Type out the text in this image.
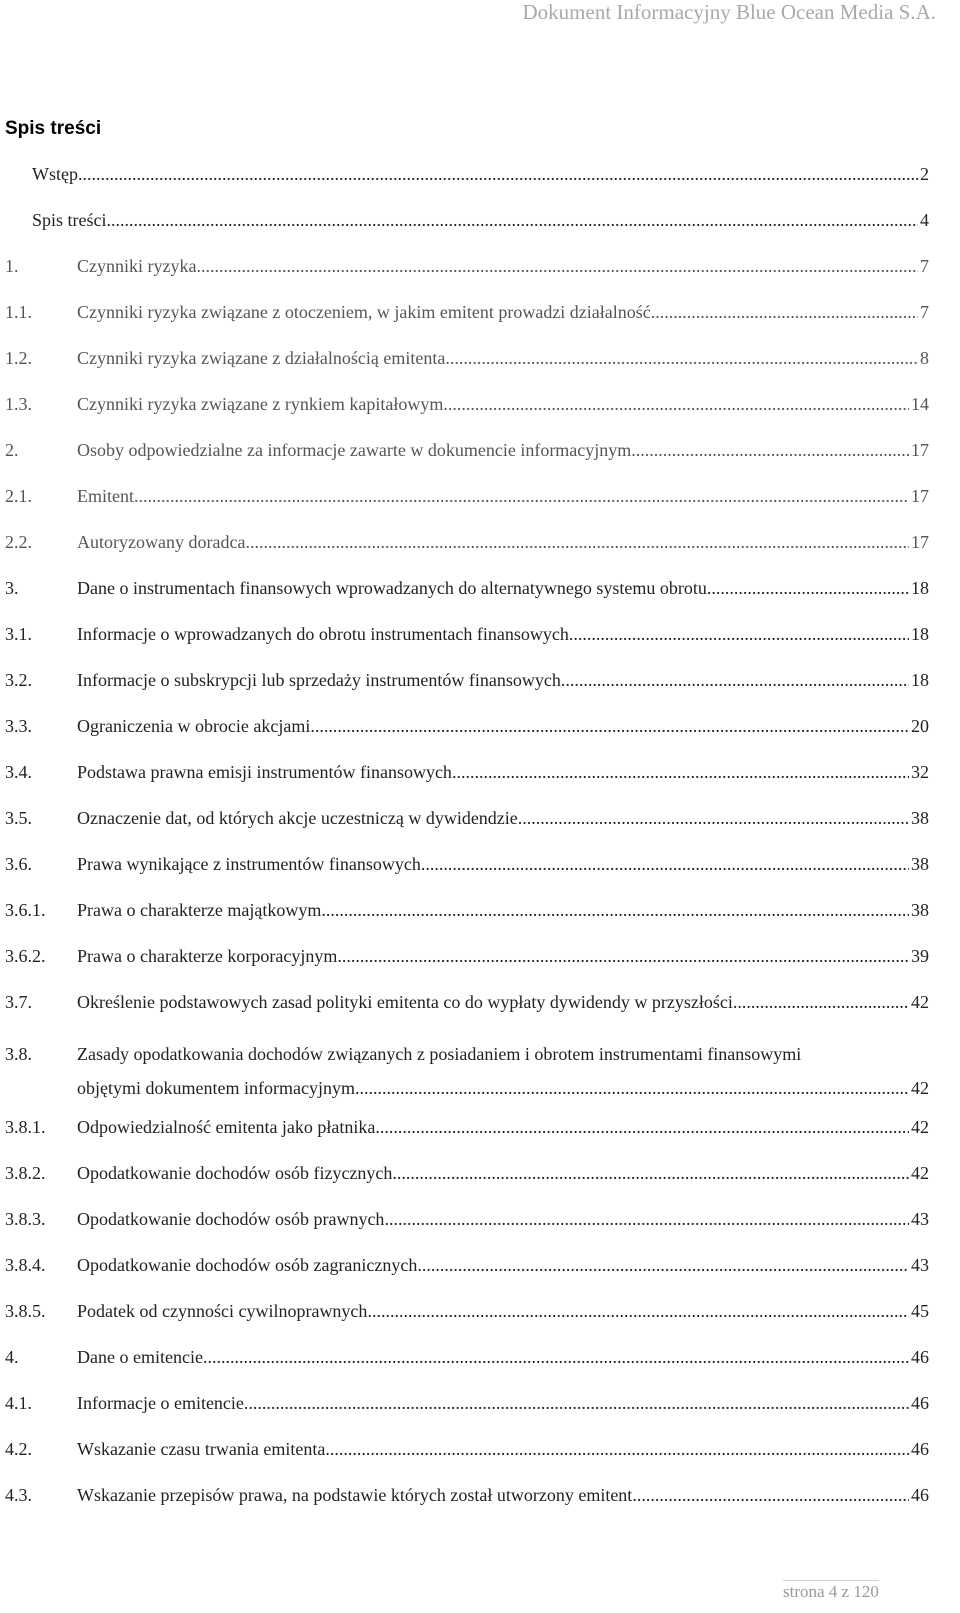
Dokument Informacyjny Blue Ocean Media S.A.
Spis treści
Wstęp .....	2
Spis treści .....	4
1.	Czynniki ryzyka .....	7
1.1.	Czynniki ryzyka związane z otoczeniem, w jakim emitent prowadzi działalność .....	7
1.2.	Czynniki ryzyka związane z działalnością emitenta .....	8
1.3.	Czynniki ryzyka związane z rynkiem kapitałowym .....	14
2.	Osoby odpowiedzialne za informacje zawarte w dokumencie informacyjnym .....	17
2.1.	Emitent .....	17
2.2.	Autoryzowany doradca .....	17
3.	Dane o instrumentach finansowych wprowadzanych do alternatywnego systemu obrotu .....	18
3.1.	Informacje o wprowadzanych do obrotu instrumentach finansowych .....	18
3.2.	Informacje o subskrypcji lub sprzedaży instrumentów finansowych .....	18
3.3.	Ograniczenia w obrocie akcjami .....	20
3.4.	Podstawa prawna emisji instrumentów finansowych .....	32
3.5.	Oznaczenie dat, od których akcje uczestniczą w dywidendzie .....	38
3.6.	Prawa wynikające z instrumentów finansowych .....	38
3.6.1. Prawa o charakterze majątkowym .....	38
3.6.2. Prawa o charakterze korporacyjnym .....	39
3.7.	Określenie podstawowych zasad polityki emitenta co do wypłaty dywidendy w przyszłości .....	42
3.8.	Zasady opodatkowania dochodów związanych z posiadaniem i obrotem instrumentami finansowymi
objętymi dokumentem informacyjnym .....	42
3.8.1. Odpowiedzialność emitenta jako płatnika .....	42
3.8.2. Opodatkowanie dochodów osób fizycznych .....	42
3.8.3. Opodatkowanie dochodów osób prawnych .....	43
3.8.4. Opodatkowanie dochodów osób zagranicznych .....	43
3.8.5. Podatek od czynności cywilnoprawnych .....	45
4.	Dane o emitencie .....	46
4.1.	Informacje o emitencie .....	46
4.2.	Wskazanie czasu trwania emitenta .....	46
4.3.	Wskazanie przepisów prawa, na podstawie których został utworzony emitent .....	46
strona 4 z 120
